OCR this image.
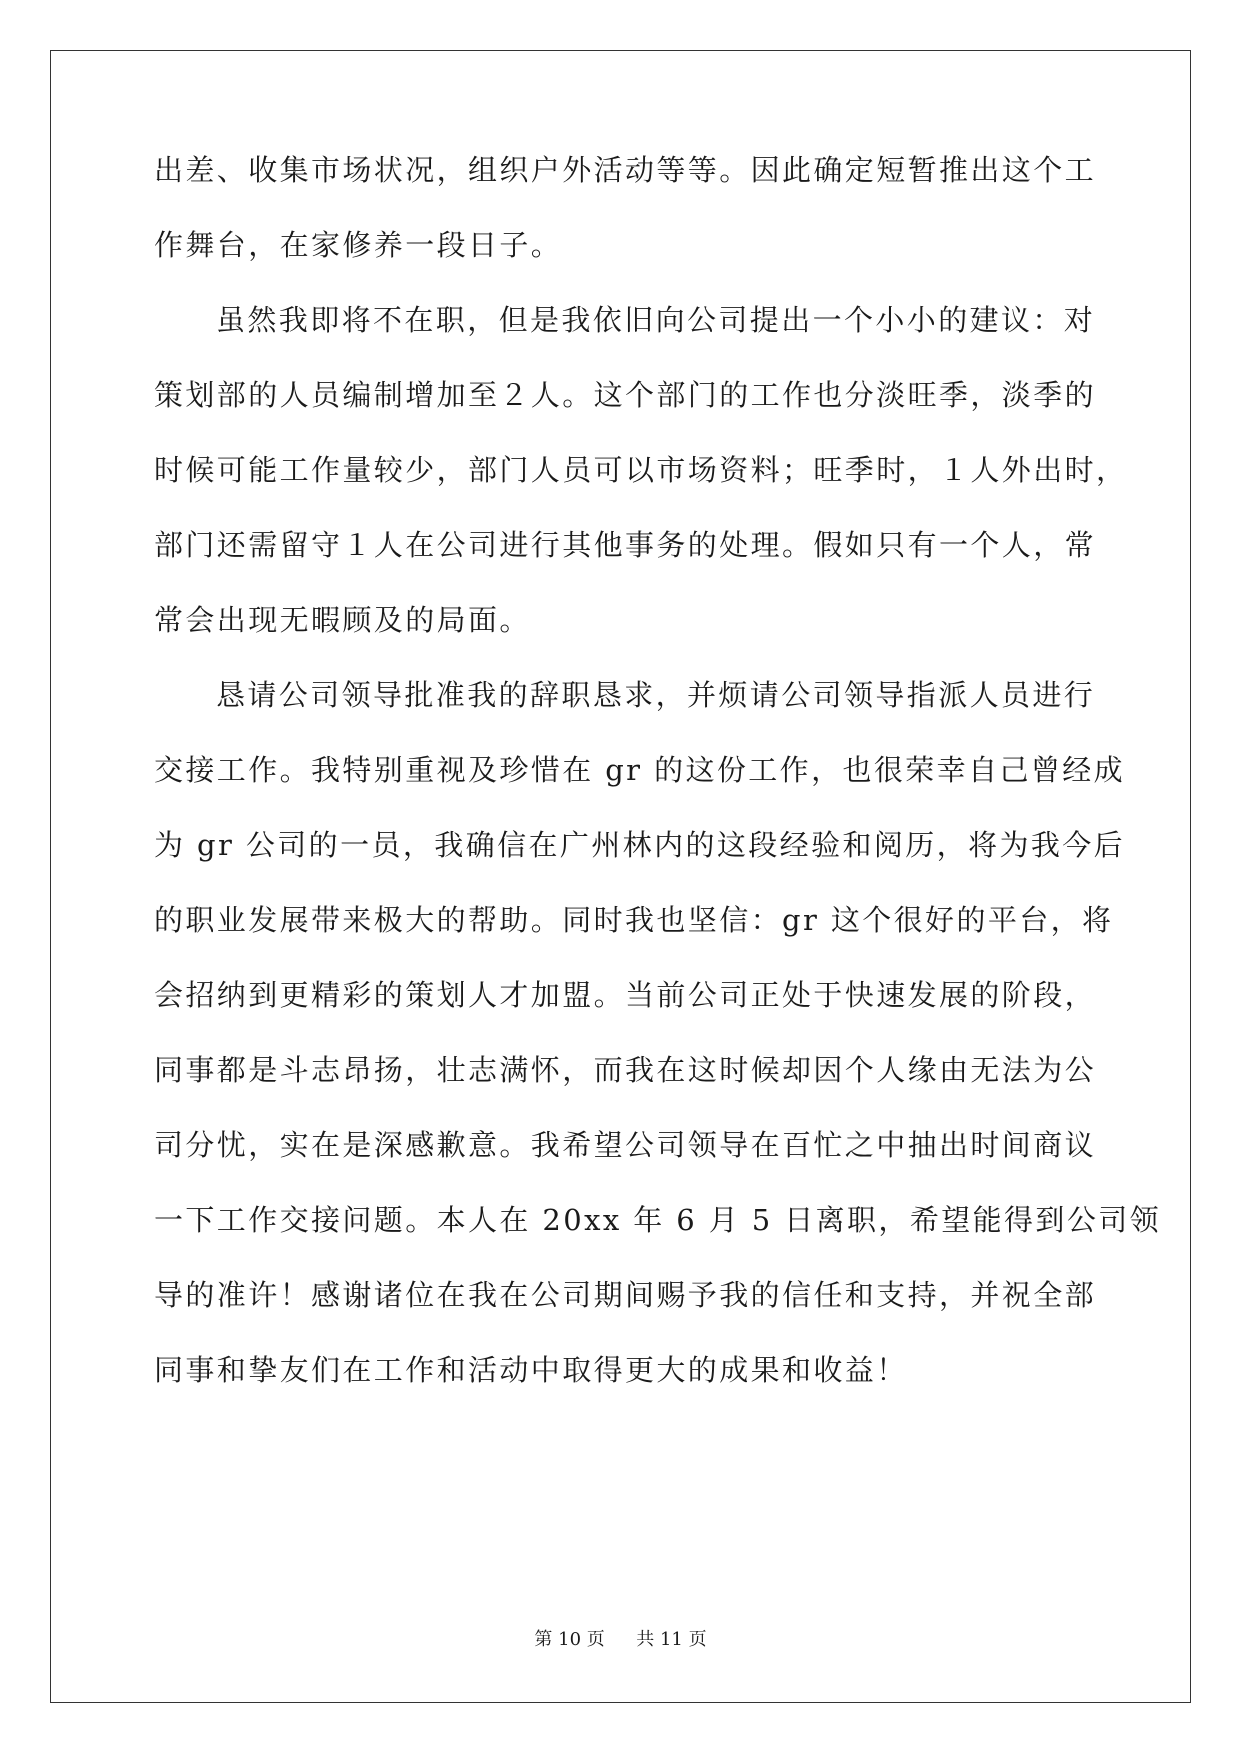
出差、收集市场状况，组织户外活动等等。因此确定短暂推出这个工
作舞台，在家修养一段日子。
虽然我即将不在职，但是我依旧向公司提出一个小小的建议：对
策划部的人员编制增加至２人。这个部门的工作也分淡旺季，淡季的
时候可能工作量较少，部门人员可以市场资料；旺季时，１人外出时，
部门还需留守１人在公司进行其他事务的处理。假如只有一个人，常
常会出现无暇顾及的局面。
恳请公司领导批准我的辞职恳求，并烦请公司领导指派人员进行
交接工作。我特别重视及珍惜在 gr 的这份工作，也很荣幸自己曾经成
为 gr 公司的一员，我确信在广州林内的这段经验和阅历，将为我今后
的职业发展带来极大的帮助。同时我也坚信：gr 这个很好的平台，将
会招纳到更精彩的策划人才加盟。当前公司正处于快速发展的阶段，
同事都是斗志昂扬，壮志满怀，而我在这时候却因个人缘由无法为公
司分忧，实在是深感歉意。我希望公司领导在百忙之中抽出时间商议
一下工作交接问题。本人在 20xx 年 6 月 5 日离职，希望能得到公司领
导的准许！感谢诸位在我在公司期间赐予我的信任和支持，并祝全部
同事和挚友们在工作和活动中取得更大的成果和收益！
第 10 页 共 11 页
